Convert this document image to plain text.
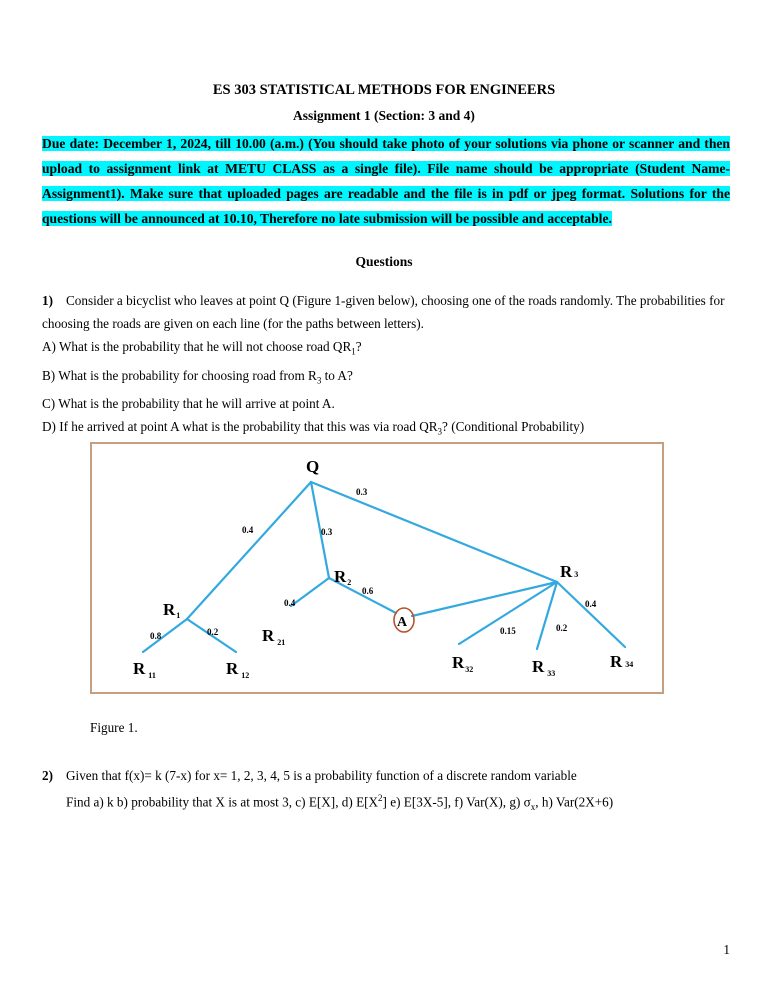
ES 303 STATISTICAL METHODS FOR ENGINEERS
Assignment 1 (Section: 3 and 4)
Due date: December 1, 2024, till 10.00 (a.m.) (You should take photo of your solutions via phone or scanner and then upload to assignment link at METU CLASS as a single file). File name should be appropriate (Student Name-Assignment1). Make sure that uploaded pages are readable and the file is in pdf or jpeg format. Solutions for the questions will be announced at 10.10, Therefore no late submission will be possible and acceptable.
Questions
1) Consider a bicyclist who leaves at point Q (Figure 1-given below), choosing one of the roads randomly. The probabilities for choosing the roads are given on each line (for the paths between letters).
A) What is the probability that he will not choose road $QR_1$?
B) What is the probability for choosing road from $R_3$ to A?
C) What is the probability that he will arrive at point A.
D) If he arrived at point A what is the probability that this was via road $QR_3$? (Conditional Probability)
Q
R 3
R2
R1	A
R $_{21}$
R $_{11}$	R $_{12}$
$R_{32}$	R $_{33}$
R 34
0.3
0.4	0.3
0.4
0.6
0.4
0.8	0.2	0.15	0.2
Figure 1.
2) Given that f(x)= k (7-x) for x= 1, 2, 3, 4, 5 is a probability function of a discrete random variable
Find a) k b) probability that X is at most 3, c) E[X], d) $E[X^2]$ e) E[3X-5], f) Var(X), g) $\sigma_x$, h) Var(2X+6)
1
